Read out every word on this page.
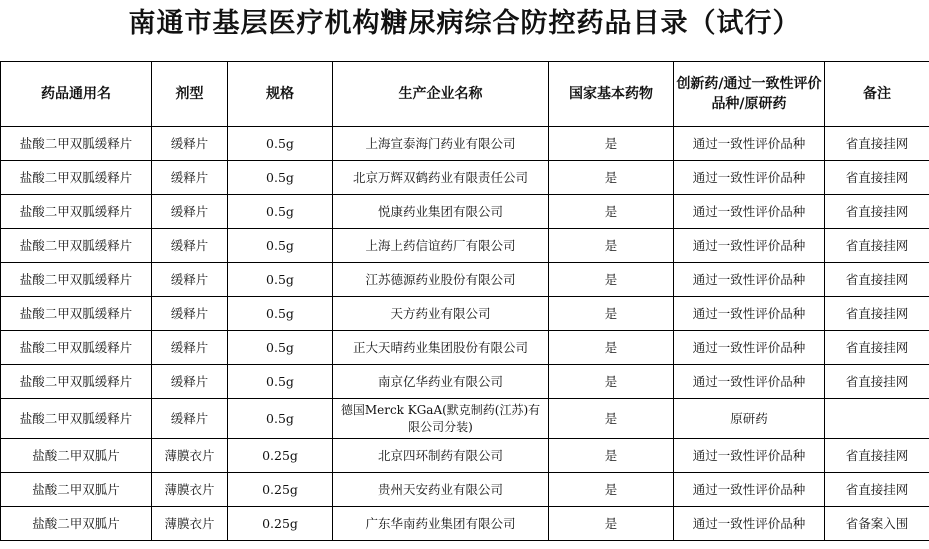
南通市基层医疗机构糖尿病综合防控药品目录（试行）
药品通用名	剂型	规格	生产企业名称	国家基本药物	创新药/通过一致性评价品种/原研药	备注
盐酸二甲双胍缓释片	缓释片	0.5g	上海宣泰海门药业有限公司	是	通过一致性评价品种	省直接挂网
盐酸二甲双胍缓释片	缓释片	0.5g	北京万辉双鹤药业有限责任公司	是	通过一致性评价品种	省直接挂网
盐酸二甲双胍缓释片	缓释片	0.5g	悦康药业集团有限公司	是	通过一致性评价品种	省直接挂网
盐酸二甲双胍缓释片	缓释片	0.5g	上海上药信谊药厂有限公司	是	通过一致性评价品种	省直接挂网
盐酸二甲双胍缓释片	缓释片	0.5g	江苏德源药业股份有限公司	是	通过一致性评价品种	省直接挂网
盐酸二甲双胍缓释片	缓释片	0.5g	天方药业有限公司	是	通过一致性评价品种	省直接挂网
盐酸二甲双胍缓释片	缓释片	0.5g	正大天晴药业集团股份有限公司	是	通过一致性评价品种	省直接挂网
盐酸二甲双胍缓释片	缓释片	0.5g	南京亿华药业有限公司	是	通过一致性评价品种	省直接挂网
盐酸二甲双胍缓释片	缓释片	0.5g	德国Merck KGaA(默克制药(江苏)有限公司分装)	是	原研药	
盐酸二甲双胍片	薄膜衣片	0.25g	北京四环制药有限公司	是	通过一致性评价品种	省直接挂网
盐酸二甲双胍片	薄膜衣片	0.25g	贵州天安药业有限公司	是	通过一致性评价品种	省直接挂网
盐酸二甲双胍片	薄膜衣片	0.25g	广东华南药业集团有限公司	是	通过一致性评价品种	省备案入围
